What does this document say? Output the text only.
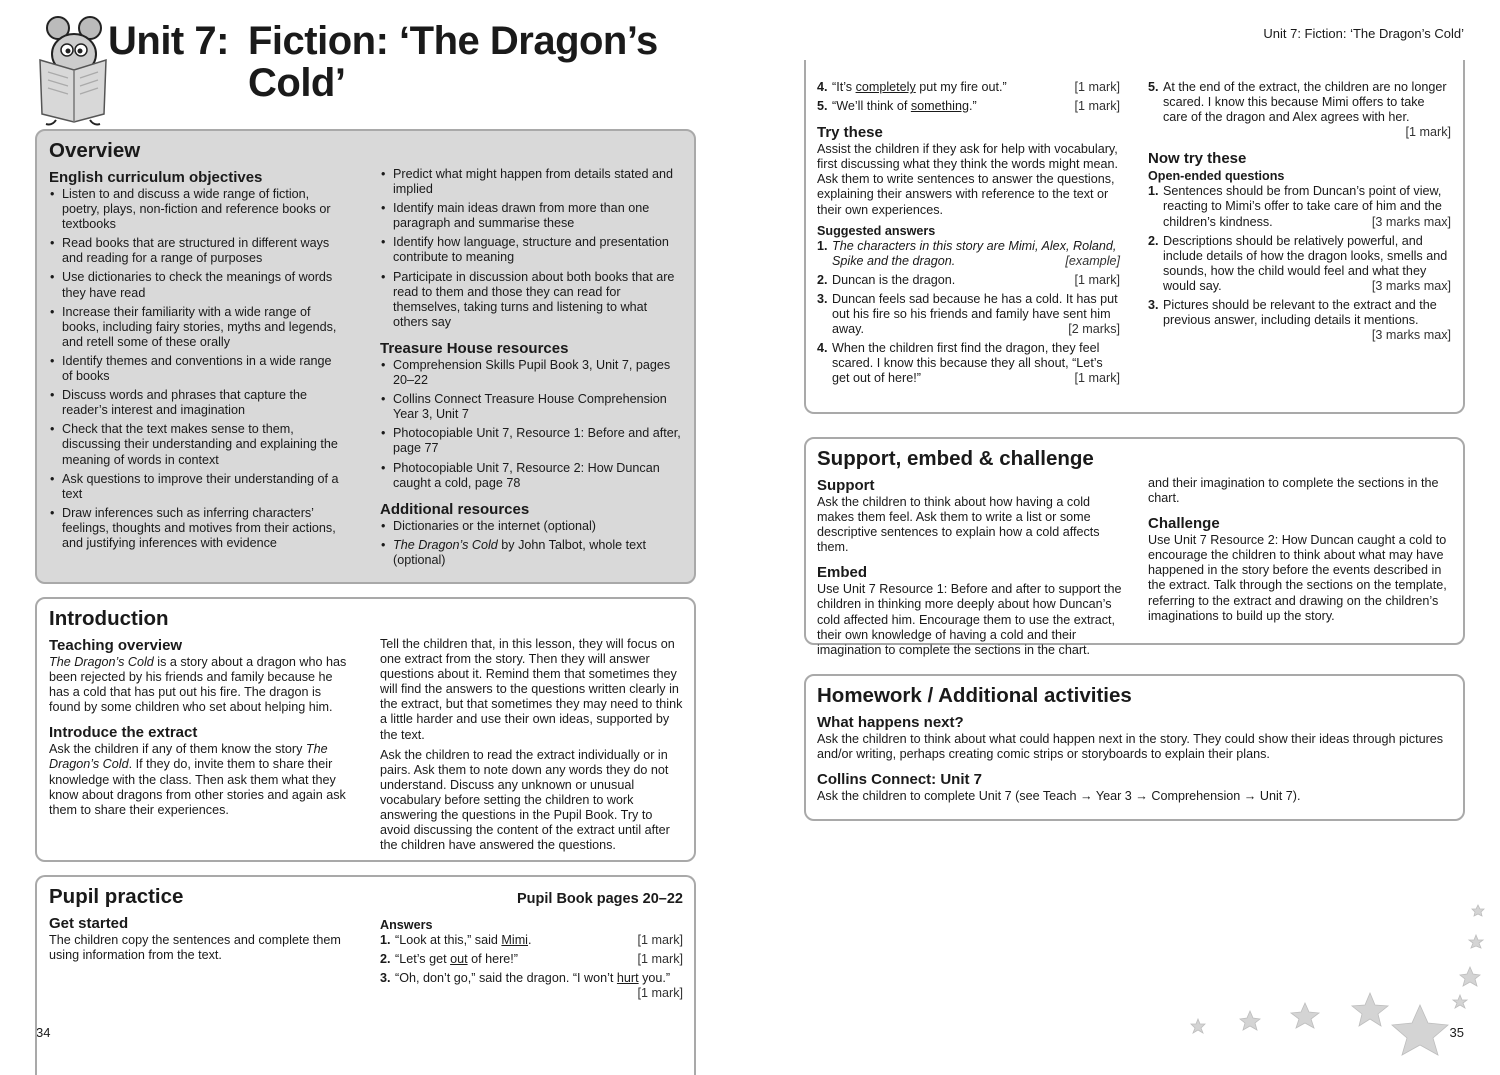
Unit 7: Fiction: ‘The Dragon’s
Cold’
Unit 7: Fiction: ‘The Dragon’s Cold’
34	35
Overview
English curriculum objectives
• Listen to and discuss a wide range of fiction, poetry, plays, non-fiction and reference books or textbooks
• Read books that are structured in different ways and reading for a range of purposes
• Use dictionaries to check the meanings of words they have read
• Increase their familiarity with a wide range of books, including fairy stories, myths and legends, and retell some of these orally
• Identify themes and conventions in a wide range of books
• Discuss words and phrases that capture the reader’s interest and imagination
• Check that the text makes sense to them, discussing their understanding and explaining the meaning of words in context
• Ask questions to improve their understanding of a text
• Draw inferences such as inferring characters’ feelings, thoughts and motives from their actions, and justifying inferences with evidence
• Predict what might happen from details stated and implied
• Identify main ideas drawn from more than one paragraph and summarise these
• Identify how language, structure and presentation contribute to meaning
• Participate in discussion about both books that are read to them and those they can read for themselves, taking turns and listening to what others say
Treasure House resources
• Comprehension Skills Pupil Book 3, Unit 7, pages 20–22
• Collins Connect Treasure House Comprehension Year 3, Unit 7
• Photocopiable Unit 7, Resource 1: Before and after, page 77
• Photocopiable Unit 7, Resource 2: How Duncan caught a cold, page 78
Additional resources
• Dictionaries or the internet (optional)
• The Dragon’s Cold by John Talbot, whole text (optional)
Introduction
Teaching overview

The Dragon’s Cold is a story about a dragon who has been rejected by his friends and family because he has a cold that has put out his fire. The dragon is found by some children who set about helping him.

Introduce the extract

Ask the children if any of them know the story The Dragon’s Cold. If they do, invite them to share their knowledge with the class. Then ask them what they know about dragons from other stories and again ask them to share their experiences.

Tell the children that, in this lesson, they will focus on one extract from the story. Then they will answer questions about it. Remind them that sometimes they will find the answers to the questions written clearly in the extract, but that sometimes they may need to think a little harder and use their own ideas, supported by the text.

Ask the children to read the extract individually or in pairs. Ask them to note down any words they do not understand. Discuss any unknown or unusual vocabulary before setting the children to work answering the questions in the Pupil Book. Try to avoid discussing the content of the extract until after the children have answered the questions.

Pupil Book pages 20–22
Pupil practice
Get started

The children copy the sentences and complete them using information from the text.

Answers
1. “Look at this,” said Mimi.	[1 mark]
2. “Let’s get out of here!”	[1 mark]
3. “Oh, don’t go,” said the dragon. “I won’t hurt you.”
[1 mark]
4. “It’s completely put my fire out.”	[1 mark]
5. “We’ll think of something.”	[1 mark]
Try these

Assist the children if they ask for help with vocabulary, first discussing what they think the words might mean. Ask them to write sentences to answer the questions, explaining their answers with reference to the text or their own experiences.

Suggested answers
1. The characters in this story are Mimi, Alex, Roland, Spike and the dragon.	[example]
2. Duncan is the dragon.	[1 mark]
3. Duncan feels sad because he has a cold. It has put out his fire so his friends and family have sent him away.	[2 marks]
4. When the children first find the dragon, they feel scared. I know this because they all shout, “Let’s get out of here!”	[1 mark]
5. At the end of the extract, the children are no longer scared. I know this because Mimi offers to take care of the dragon and Alex agrees with her.
[1 mark]
Now try these
Open-ended questions
1. Sentences should be from Duncan’s point of view, reacting to Mimi’s offer to take care of him and the children’s kindness.	[3 marks max]
2. Descriptions should be relatively powerful, and include details of how the dragon looks, smells and sounds, how the child would feel and what they would say.	[3 marks max]
3. Pictures should be relevant to the extract and the previous answer, including details it mentions.
[3 marks max]
Support, embed & challenge
Support

Ask the children to think about how having a cold makes them feel. Ask them to write a list or some descriptive sentences to explain how a cold affects them.

Embed

Use Unit 7 Resource 1: Before and after to support the children in thinking more deeply about how Duncan’s cold affected him. Encourage them to use the extract, their own knowledge of having a cold and their imagination to complete the sections in the chart.

and their imagination to complete the sections in the chart.

Challenge

Use Unit 7 Resource 2: How Duncan caught a cold to encourage the children to think about what may have happened in the story before the events described in the extract. Talk through the sections on the template, referring to the extract and drawing on the children’s imaginations to build up the story.

Homework / Additional activities
What happens next?

Ask the children to think about what could happen next in the story. They could show their ideas through pictures and/or writing, perhaps creating comic strips or storyboards to explain their plans.

Collins Connect: Unit 7

Ask the children to complete Unit 7 (see Teach → Year 3 → Comprehension → Unit 7).
